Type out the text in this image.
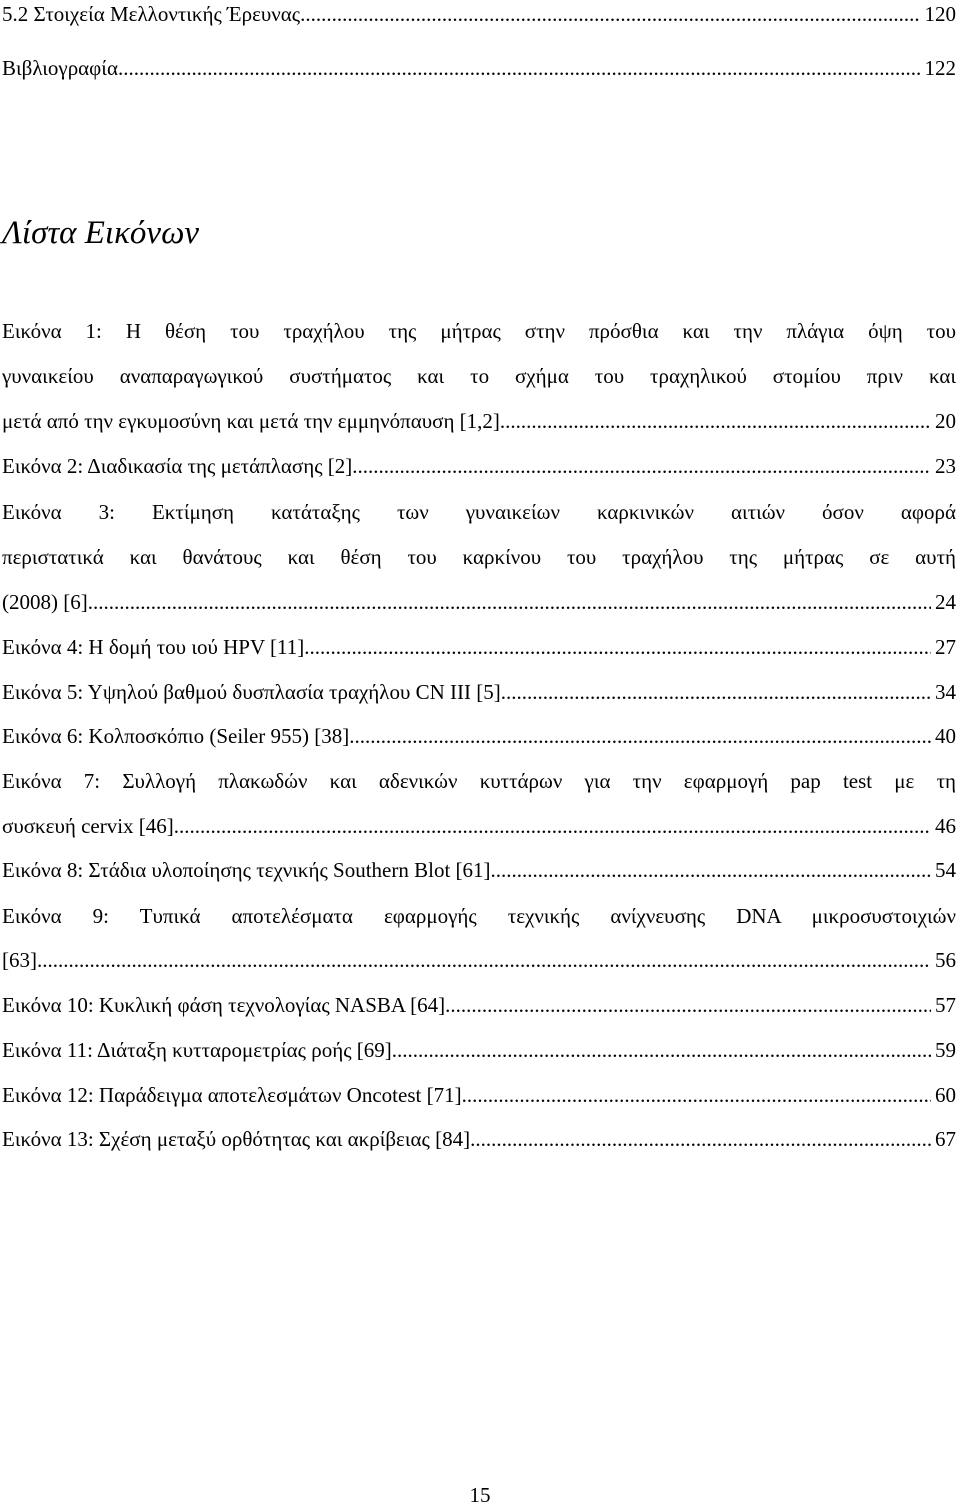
5.2 Στοιχεία Μελλοντικής Έρευνας .....	120
Βιβλιογραφία .....	122
Λίστα Εικόνων
Εικόνα 1: Η θέση του τραχήλου της μήτρας στην πρόσθια και την πλάγια όψη του
γυναικείου αναπαραγωγικού συστήματος και το σχήμα του τραχηλικού στομίου πριν και
μετά από την εγκυμοσύνη και μετά την εμμηνόπαυση [1,2] .....	20
Εικόνα 2: Διαδικασία της μετάπλασης [2] .....	23
Εικόνα 3: Εκτίμηση κατάταξης των γυναικείων καρκινικών αιτιών όσον αφορά
περιστατικά και θανάτους και θέση του καρκίνου του τραχήλου της μήτρας σε αυτή
(2008) [6] .....	24
Εικόνα 4: Η δομή του ιού HPV [11] .....	27
Εικόνα 5: Υψηλού βαθμού δυσπλασία τραχήλου CN III [5] .....	34
Εικόνα 6: Κολποσκόπιο (Seiler 955) [38] .....	40
Εικόνα 7: Συλλογή πλακωδών και αδενικών κυττάρων για την εφαρμογή pap test με τη
συσκευή cervix [46] .....	46
Εικόνα 8: Στάδια υλοποίησης τεχνικής Southern Blot [61] .....	54
Εικόνα 9: Τυπικά αποτελέσματα εφαρμογής τεχνικής ανίχνευσης DNA μικροσυστοιχιών
[63] .....	56
Εικόνα 10: Κυκλική φάση τεχνολογίας NASBA [64] .....	57
Εικόνα 11: Διάταξη κυτταρομετρίας ροής [69] .....	59
Εικόνα 12: Παράδειγμα αποτελεσμάτων Oncotest [71] .....	60
Εικόνα 13: Σχέση μεταξύ ορθότητας και ακρίβειας [84] .....	67
15
